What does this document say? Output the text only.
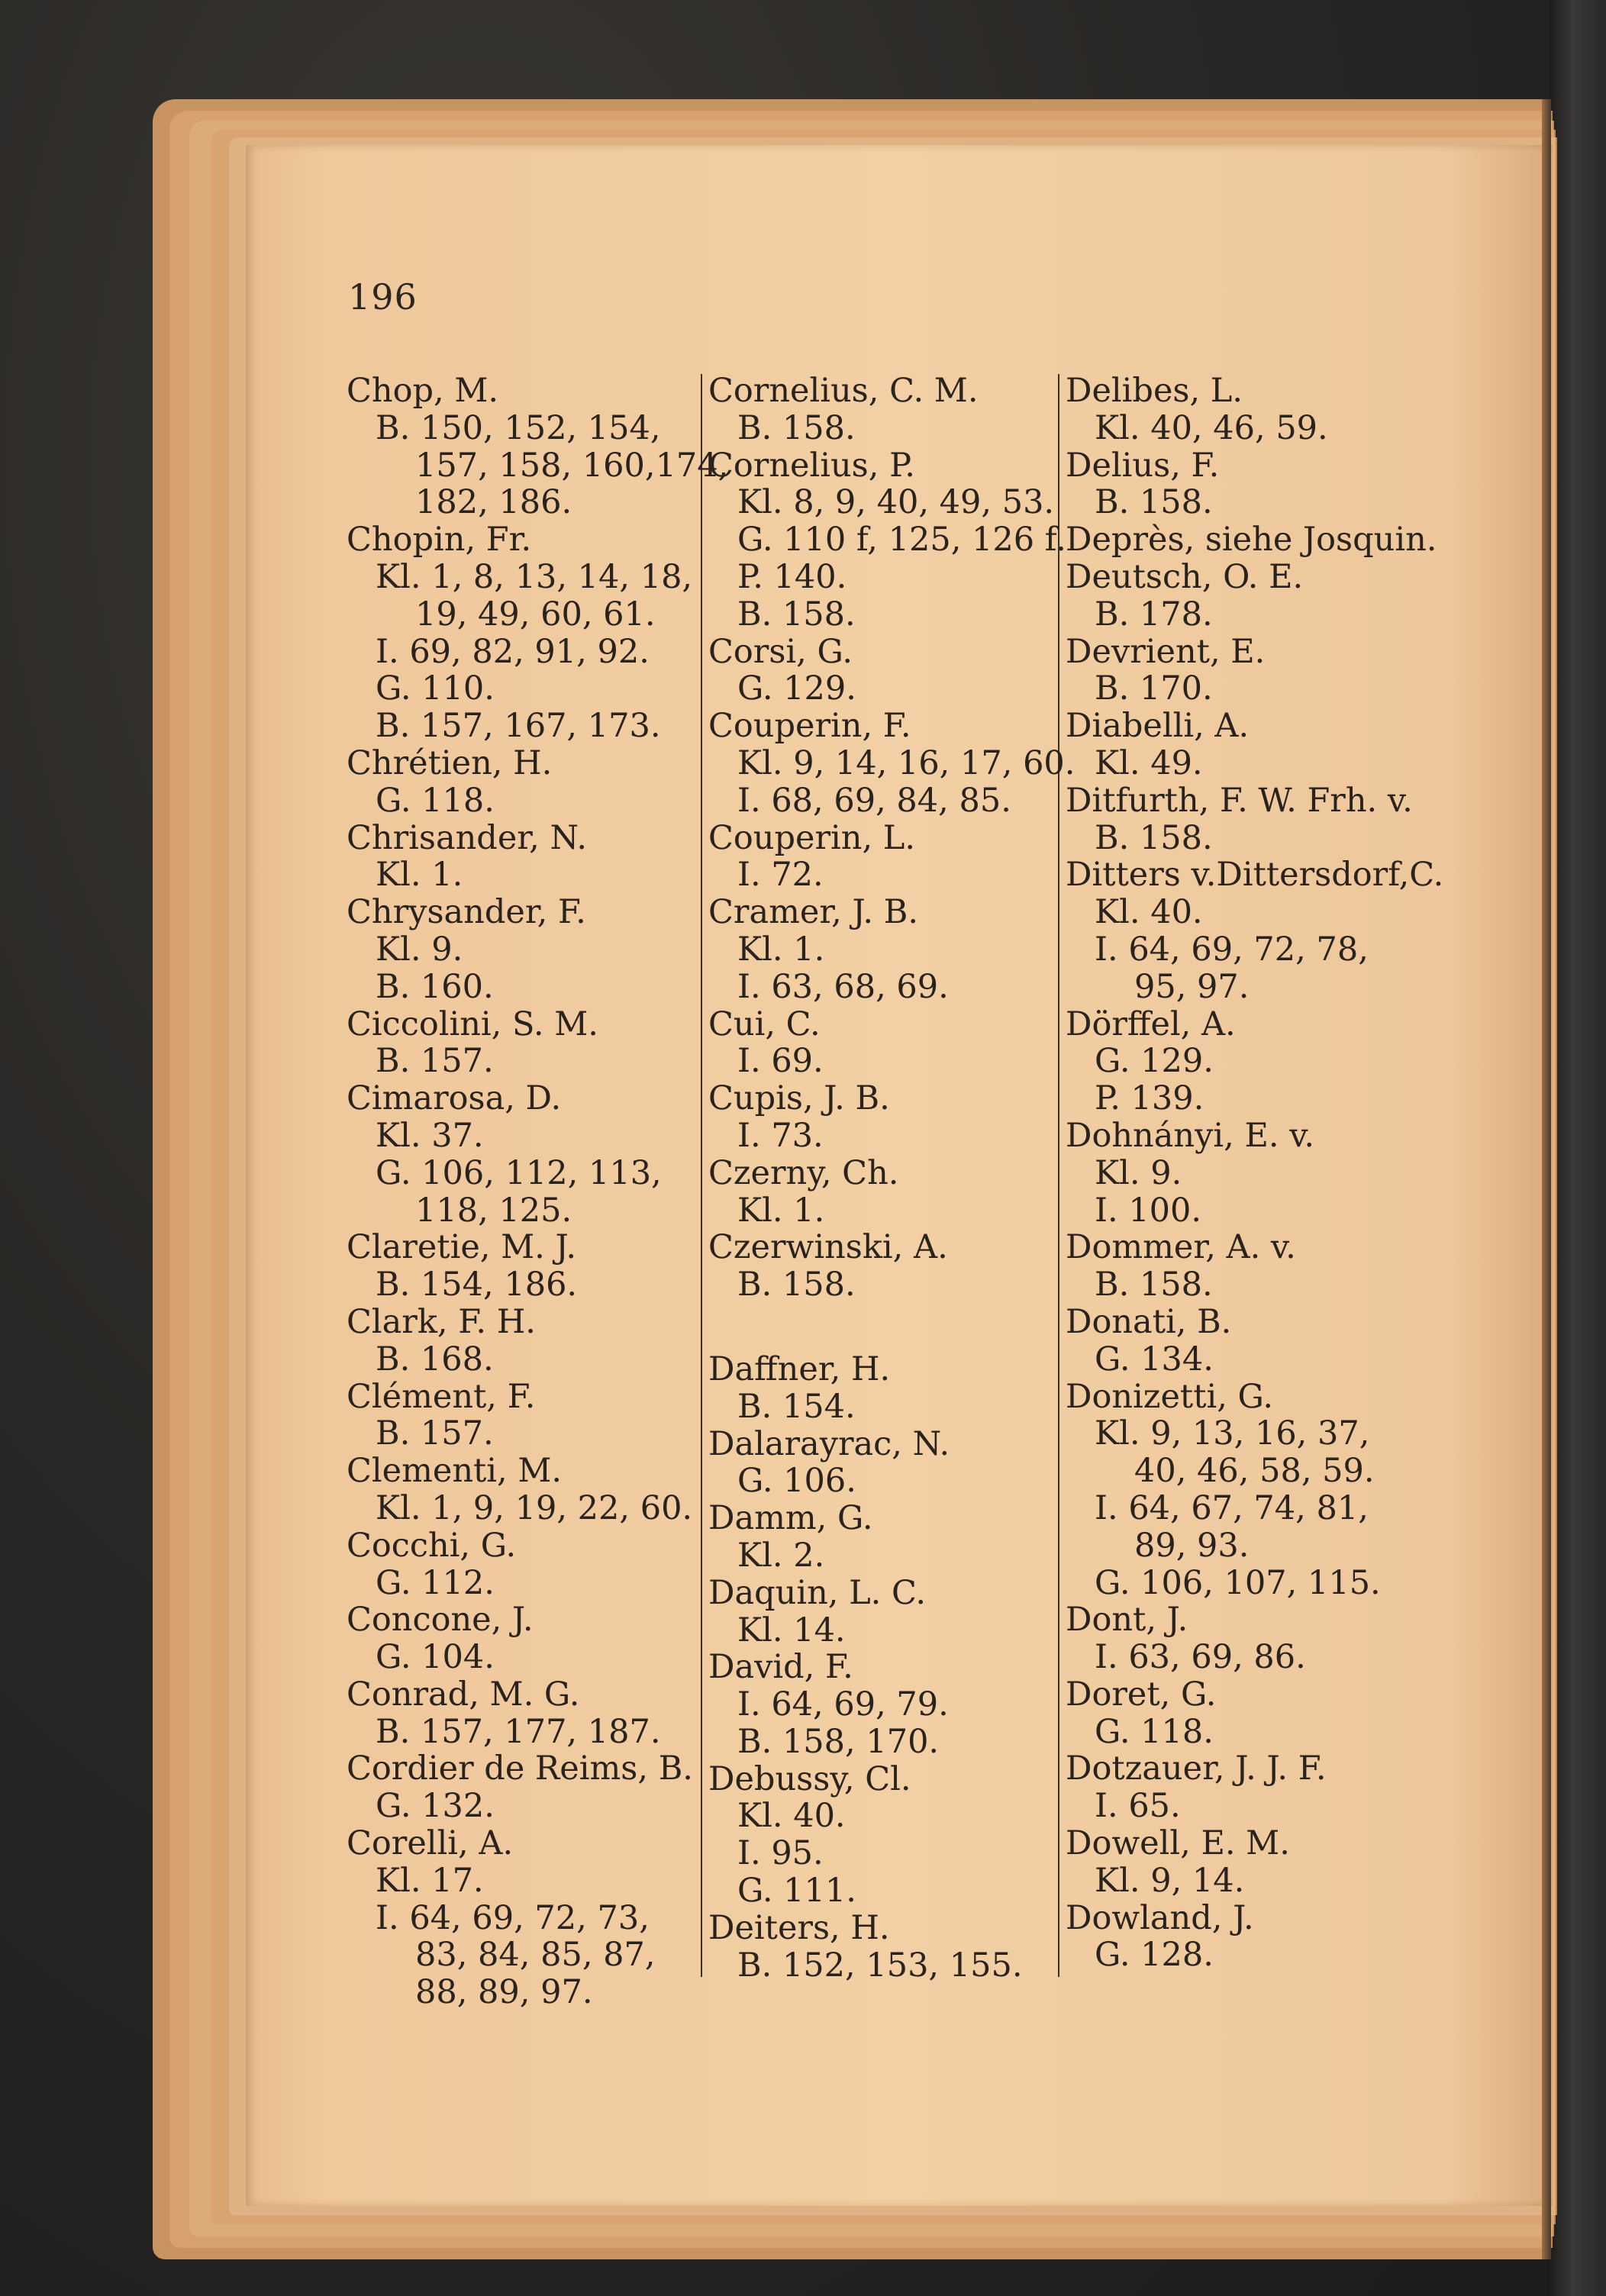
196
Chop, M.
B. 150, 152, 154,
157, 158, 160,174,
182, 186.
Chopin, Fr.
Kl. 1, 8, 13, 14, 18,
19, 49, 60, 61.
I. 69, 82, 91, 92.
G. 110.
B. 157, 167, 173.
Chrétien, H.
G. 118.
Chrisander, N.
Kl. 1.
Chrysander, F.
Kl. 9.
B. 160.
Ciccolini, S. M.
B. 157.
Cimarosa, D.
Kl. 37.
G. 106, 112, 113,
118, 125.
Claretie, M. J.
B. 154, 186.
Clark, F. H.
B. 168.
Clément, F.
B. 157.
Clementi, M.
Kl. 1, 9, 19, 22, 60.
Cocchi, G.
G. 112.
Concone, J.
G. 104.
Conrad, M. G.
B. 157, 177, 187.
Cordier de Reims, B.
G. 132.
Corelli, A.
Kl. 17.
I. 64, 69, 72, 73,
83, 84, 85, 87,
88, 89, 97.
Cornelius, C. M.
B. 158.
Cornelius, P.
Kl. 8, 9, 40, 49, 53.
G. 110 f, 125, 126 f.
P. 140.
B. 158.
Corsi, G.
G. 129.
Couperin, F.
Kl. 9, 14, 16, 17, 60.
I. 68, 69, 84, 85.
Couperin, L.
I. 72.
Cramer, J. B.
Kl. 1.
I. 63, 68, 69.
Cui, C.
I. 69.
Cupis, J. B.
I. 73.
Czerny, Ch.
Kl. 1.
Czerwinski, A.
B. 158.
Daffner, H.
B. 154.
Dalarayrac, N.
G. 106.
Damm, G.
Kl. 2.
Daquin, L. C.
Kl. 14.
David, F.
I. 64, 69, 79.
B. 158, 170.
Debussy, Cl.
Kl. 40.
I. 95.
G. 111.
Deiters, H.
B. 152, 153, 155.
Delibes, L.
Kl. 40, 46, 59.
Delius, F.
B. 158.
Deprès, siehe Josquin.
Deutsch, O. E.
B. 178.
Devrient, E.
B. 170.
Diabelli, A.
Kl. 49.
Ditfurth, F. W. Frh. v.
B. 158.
Ditters v.Dittersdorf,C.
Kl. 40.
I. 64, 69, 72, 78,
95, 97.
Dörffel, A.
G. 129.
P. 139.
Dohnányi, E. v.
Kl. 9.
I. 100.
Dommer, A. v.
B. 158.
Donati, B.
G. 134.
Donizetti, G.
Kl. 9, 13, 16, 37,
40, 46, 58, 59.
I. 64, 67, 74, 81,
89, 93.
G. 106, 107, 115.
Dont, J.
I. 63, 69, 86.
Doret, G.
G. 118.
Dotzauer, J. J. F.
I. 65.
Dowell, E. M.
Kl. 9, 14.
Dowland, J.
G. 128.
